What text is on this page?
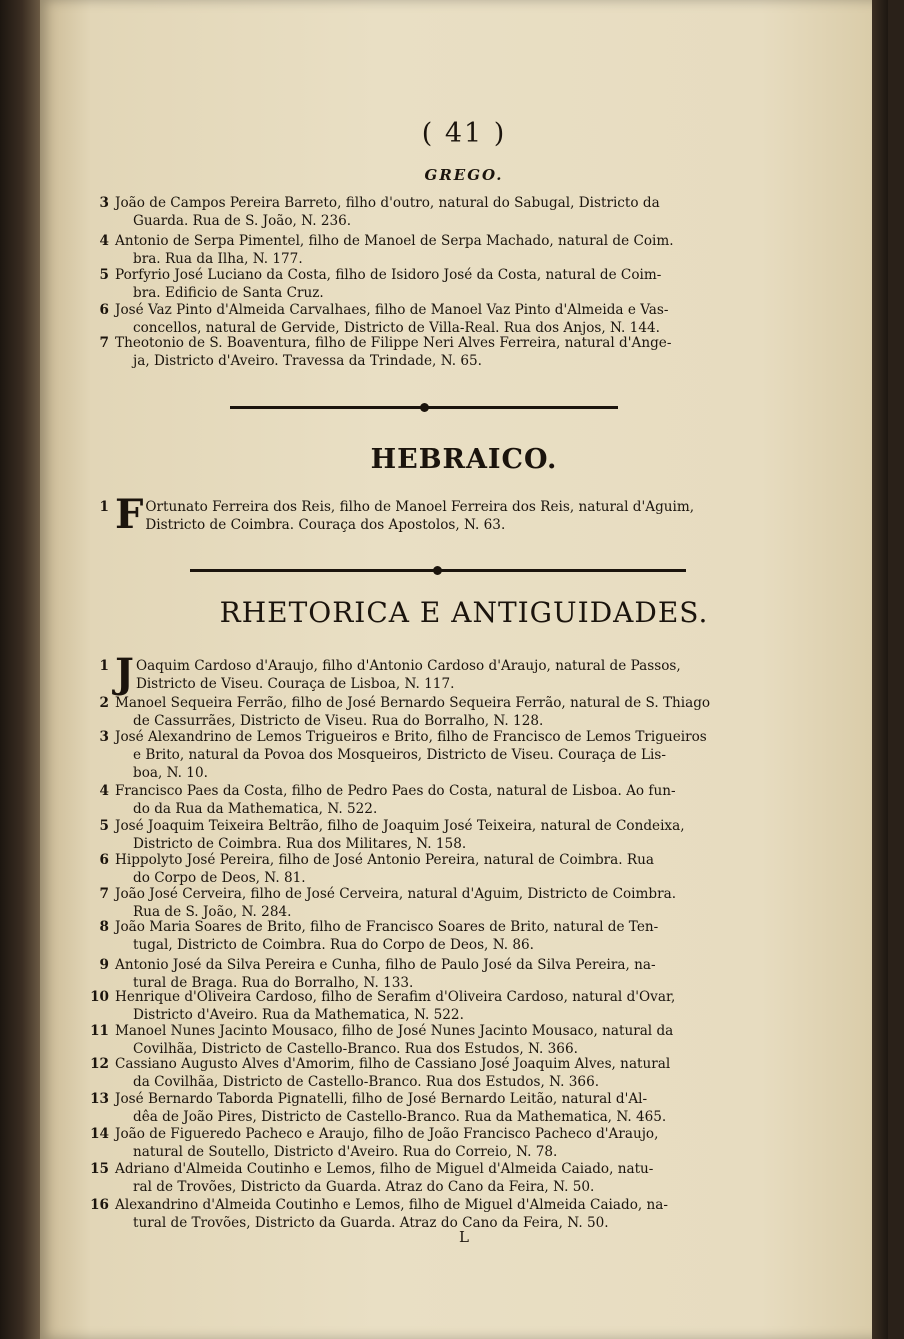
( 41 )
GREGO.
3 João de Campos Pereira Barreto, filho d'outro, natural do Sabugal, Districto da
Guarda. Rua de S. João, N. 236.
4 Antonio de Serpa Pimentel, filho de Manoel de Serpa Machado, natural de Coim.
bra. Rua da Ilha, N. 177.
5 Porfyrio José Luciano da Costa, filho de Isidoro José da Costa, natural de Coim-
bra. Edificio de Santa Cruz.
6 José Vaz Pinto d'Almeida Carvalhaes, filho de Manoel Vaz Pinto d'Almeida e Vas-
concellos, natural de Gervide, Districto de Villa-Real. Rua dos Anjos, N. 144.
7 Theotonio de S. Boaventura, filho de Filippe Neri Alves Ferreira, natural d'Ange-
ja, Districto d'Aveiro. Travessa da Trindade, N. 65.
HEBRAICO.
1 F Ortunato Ferreira dos Reis, filho de Manoel Ferreira dos Reis, natural d'Aguim,
Districto de Coimbra. Couraça dos Apostolos, N. 63.
RHETORICA E ANTIGUIDADES.
1 J Oaquim Cardoso d'Araujo, filho d'Antonio Cardoso d'Araujo, natural de Passos,
Districto de Viseu. Couraça de Lisboa, N. 117.
2 Manoel Sequeira Ferrão, filho de José Bernardo Sequeira Ferrão, natural de S. Thiago
de Cassurrães, Districto de Viseu. Rua do Borralho, N. 128.
3 José Alexandrino de Lemos Trigueiros e Brito, filho de Francisco de Lemos Trigueiros
e Brito, natural da Povoa dos Mosqueiros, Districto de Viseu. Couraça de Lis-
boa, N. 10.
4 Francisco Paes da Costa, filho de Pedro Paes do Costa, natural de Lisboa. Ao fun-
do da Rua da Mathematica, N. 522.
5 José Joaquim Teixeira Beltrão, filho de Joaquim José Teixeira, natural de Condeixa,
Districto de Coimbra. Rua dos Militares, N. 158.
6 Hippolyto José Pereira, filho de José Antonio Pereira, natural de Coimbra. Rua
do Corpo de Deos, N. 81.
7 João José Cerveira, filho de José Cerveira, natural d'Aguim, Districto de Coimbra.
Rua de S. João, N. 284.
8 João Maria Soares de Brito, filho de Francisco Soares de Brito, natural de Ten-
tugal, Districto de Coimbra. Rua do Corpo de Deos, N. 86.
9 Antonio José da Silva Pereira e Cunha, filho de Paulo José da Silva Pereira, na-
tural de Braga. Rua do Borralho, N. 133.
10 Henrique d'Oliveira Cardoso, filho de Serafim d'Oliveira Cardoso, natural d'Ovar,
Districto d'Aveiro. Rua da Mathematica, N. 522.
11 Manoel Nunes Jacinto Mousaco, filho de José Nunes Jacinto Mousaco, natural da
Covilhãa, Districto de Castello-Branco. Rua dos Estudos, N. 366.
12 Cassiano Augusto Alves d'Amorim, filho de Cassiano José Joaquim Alves, natural
da Covilhãa, Districto de Castello-Branco. Rua dos Estudos, N. 366.
13 José Bernardo Taborda Pignatelli, filho de José Bernardo Leitão, natural d'Al-
dêa de João Pires, Districto de Castello-Branco. Rua da Mathematica, N. 465.
14 João de Figueredo Pacheco e Araujo, filho de João Francisco Pacheco d'Araujo,
natural de Soutello, Districto d'Aveiro. Rua do Correio, N. 78.
15 Adriano d'Almeida Coutinho e Lemos, filho de Miguel d'Almeida Caiado, natu-
ral de Trovões, Districto da Guarda. Atraz do Cano da Feira, N. 50.
16 Alexandrino d'Almeida Coutinho e Lemos, filho de Miguel d'Almeida Caiado, na-
tural de Trovões, Districto da Guarda. Atraz do Cano da Feira, N. 50.
L
